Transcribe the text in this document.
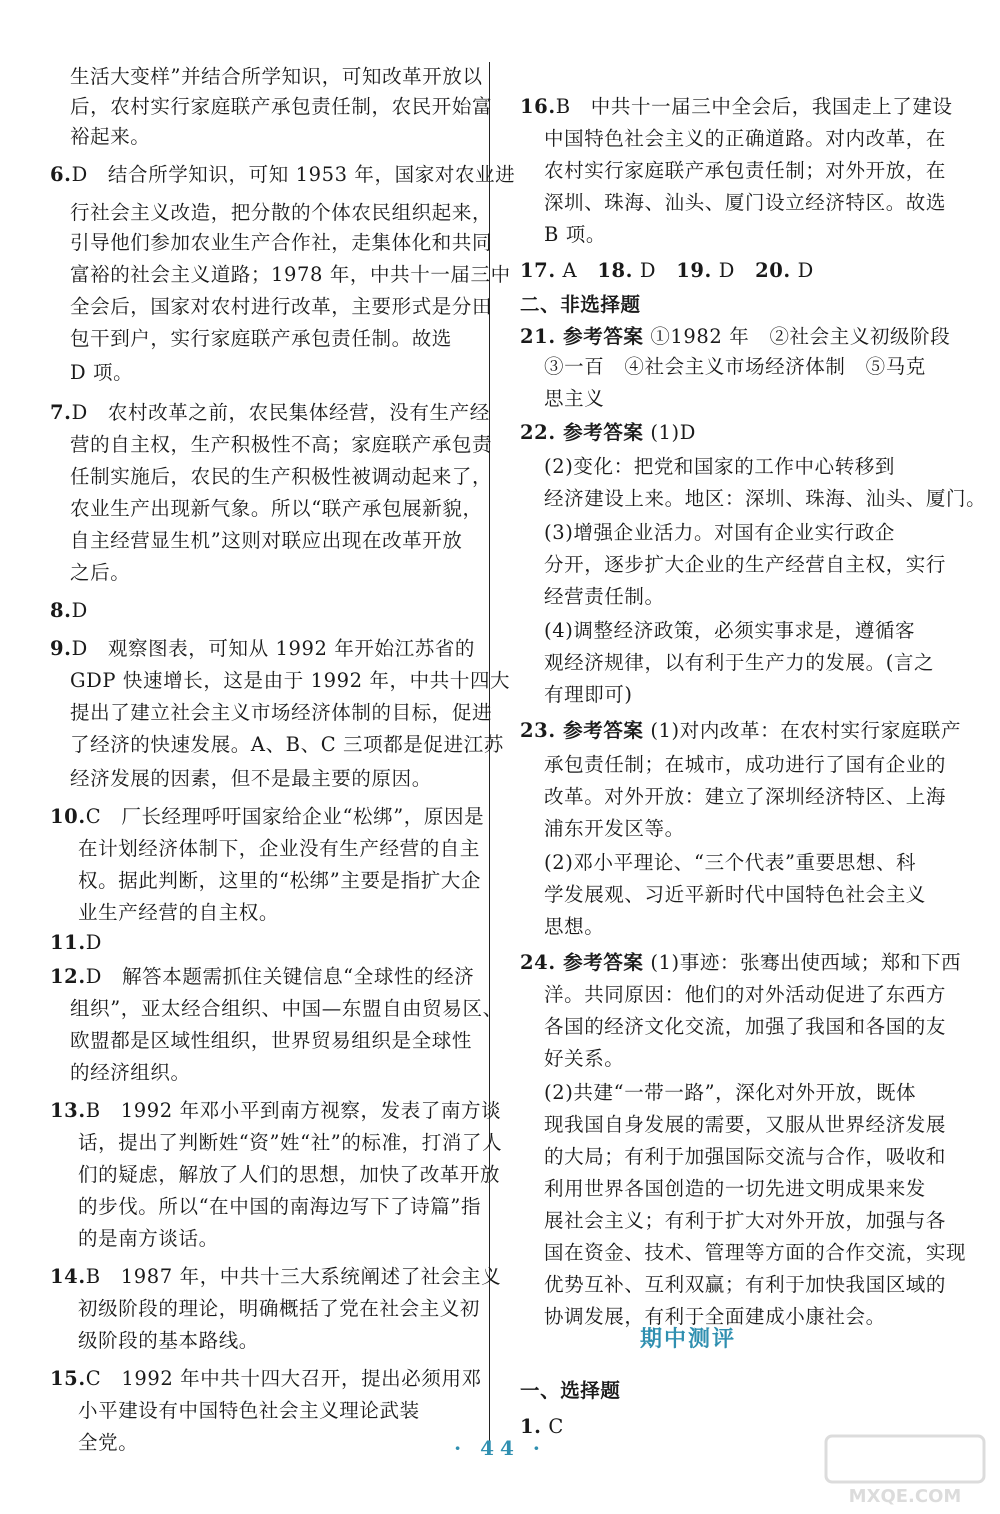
生活大变样”并结合所学知识，可知改革开放以
后，农村实行家庭联产承包责任制，农民开始富
裕起来。
6.D　结合所学知识，可知 1953 年，国家对农业进
行社会主义改造，把分散的个体农民组织起来，
引导他们参加农业生产合作社，走集体化和共同
富裕的社会主义道路；1978 年，中共十一届三中
全会后，国家对农村进行改革，主要形式是分田
包干到户，实行家庭联产承包责任制。故选
D 项。
7.D　农村改革之前，农民集体经营，没有生产经
营的自主权，生产积极性不高；家庭联产承包责
任制实施后，农民的生产积极性被调动起来了，
农业生产出现新气象。所以“联产承包展新貌，
自主经营显生机”这则对联应出现在改革开放
之后。
8.D
9.D　观察图表，可知从 1992 年开始江苏省的
GDP 快速增长，这是由于 1992 年，中共十四大
提出了建立社会主义市场经济体制的目标，促进
了经济的快速发展。A、B、C 三项都是促进江苏
经济发展的因素，但不是最主要的原因。
10.C　厂长经理呼吁国家给企业“松绑”，原因是
在计划经济体制下，企业没有生产经营的自主
权。据此判断，这里的“松绑”主要是指扩大企
业生产经营的自主权。
11.D
12.D　解答本题需抓住关键信息“全球性的经济
组织”，亚太经合组织、中国—东盟自由贸易区、
欧盟都是区域性组织，世界贸易组织是全球性
的经济组织。
13.B　1992 年邓小平到南方视察，发表了南方谈
话，提出了判断姓“资”姓“社”的标准，打消了人
们的疑虑，解放了人们的思想，加快了改革开放
的步伐。所以“在中国的南海边写下了诗篇”指
的是南方谈话。
14.B　1987 年，中共十三大系统阐述了社会主义
初级阶段的理论，明确概括了党在社会主义初
级阶段的基本路线。
15.C　1992 年中共十四大召开，提出必须用邓
小平建设有中国特色社会主义理论武装
全党。
16.B　中共十一届三中全会后，我国走上了建设
中国特色社会主义的正确道路。对内改革，在
农村实行家庭联产承包责任制；对外开放，在
深圳、珠海、汕头、厦门设立经济特区。故选
B 项。
17. A　18. D　19. D　20. D
二、非选择题
21. 参考答案 ①1982 年　②社会主义初级阶段
③一百　④社会主义市场经济体制　⑤马克
思主义
22. 参考答案 (1)D
(2)变化：把党和国家的工作中心转移到
经济建设上来。地区：深圳、珠海、汕头、厦门。
(3)增强企业活力。对国有企业实行政企
分开，逐步扩大企业的生产经营自主权，实行
经营责任制。
(4)调整经济政策，必须实事求是，遵循客
观经济规律，以有利于生产力的发展。(言之
有理即可)
23. 参考答案 (1)对内改革：在农村实行家庭联产
承包责任制；在城市，成功进行了国有企业的
改革。对外开放：建立了深圳经济特区、上海
浦东开发区等。
(2)邓小平理论、“三个代表”重要思想、科
学发展观、习近平新时代中国特色社会主义
思想。
24. 参考答案 (1)事迹：张骞出使西域；郑和下西
洋。共同原因：他们的对外活动促进了东西方
各国的经济文化交流，加强了我国和各国的友
好关系。
(2)共建“一带一路”，深化对外开放，既体
现我国自身发展的需要，又服从世界经济发展
的大局；有利于加强国际交流与合作，吸收和
利用世界各国创造的一切先进文明成果来发
展社会主义；有利于扩大对外开放，加强与各
国在资金、技术、管理等方面的合作交流，实现
优势互补、互利双赢；有利于加快我国区域的
协调发展，有利于全面建成小康社会。
期中测评
一、选择题
1. C
· 44 ·
MXQE.COM
